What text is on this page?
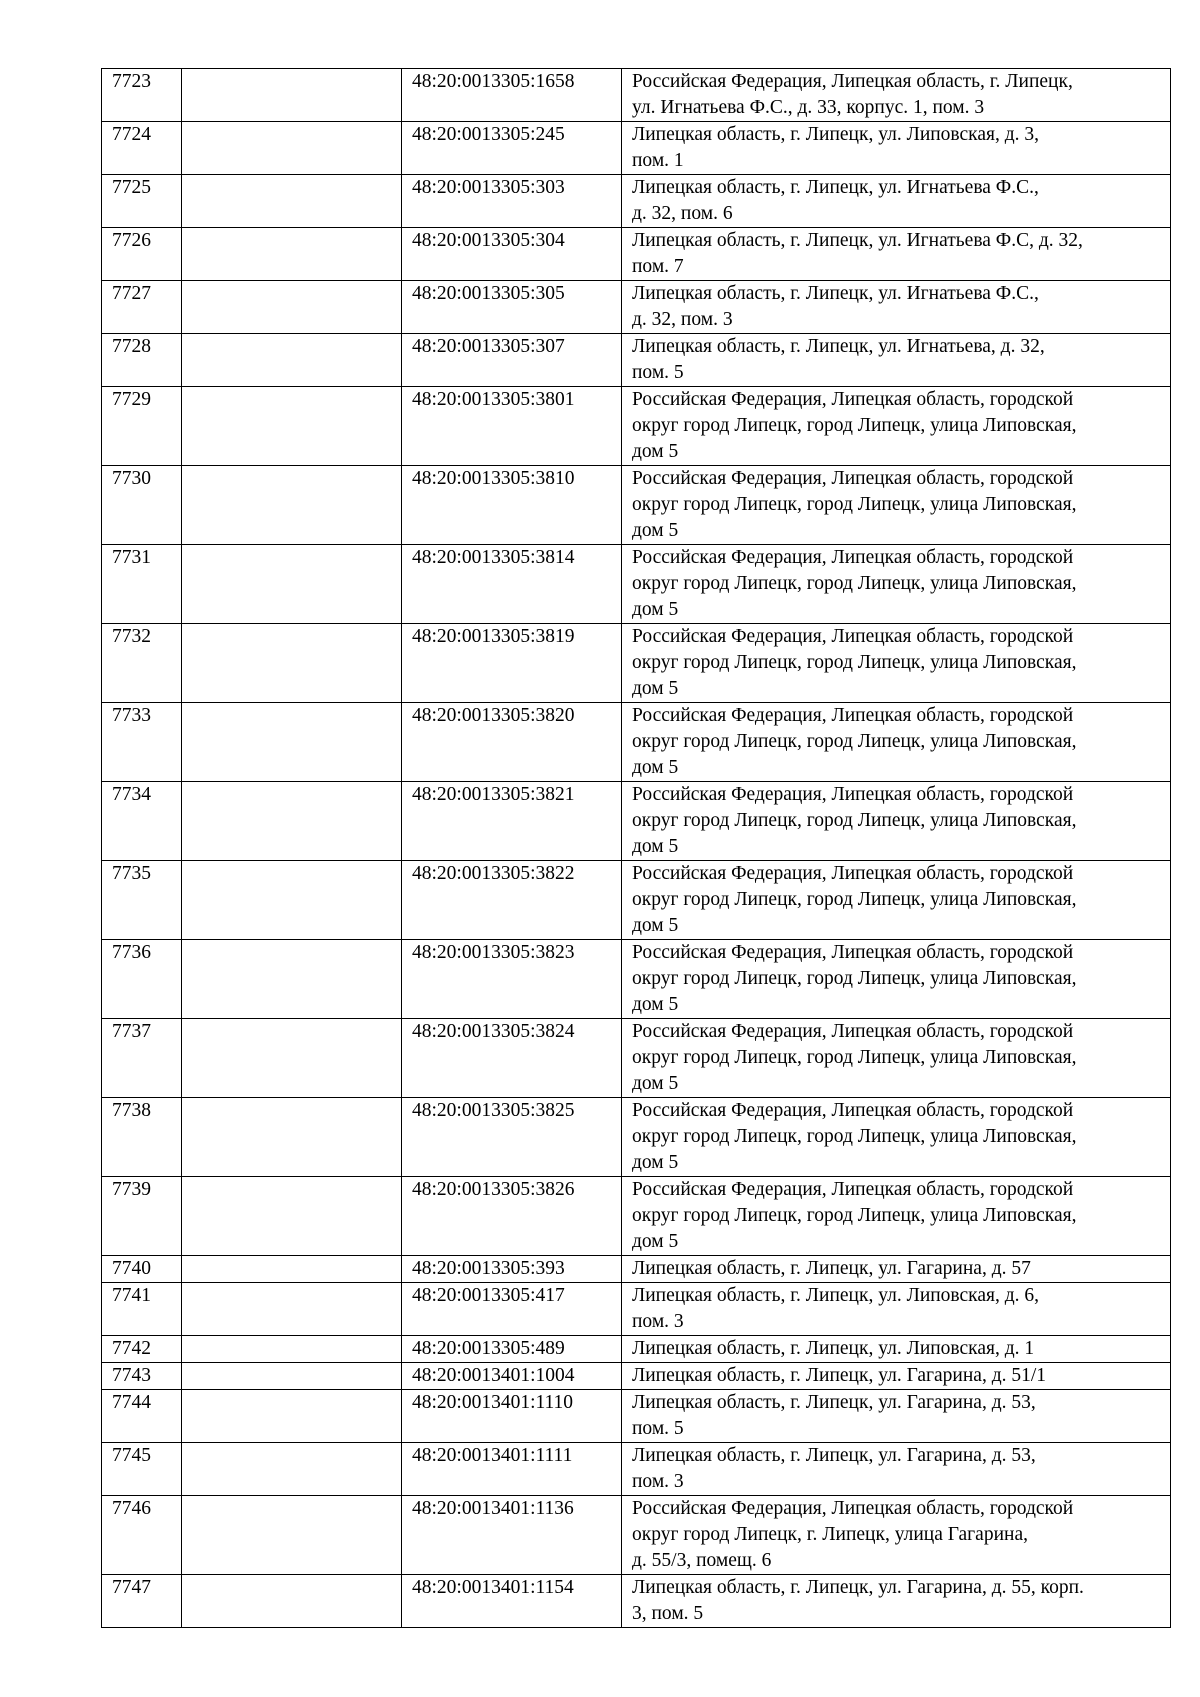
7723		48:20:0013305:1658	Российская Федерация, Липецкая область, г. Липецк,
ул. Игнатьева Ф.С., д. 33, корпус. 1, пом. 3
7724		48:20:0013305:245	Липецкая область, г. Липецк, ул. Липовская, д. 3,
пом. 1
7725		48:20:0013305:303	Липецкая область, г. Липецк, ул. Игнатьева Ф.С.,
д. 32, пом. 6
7726		48:20:0013305:304	Липецкая область, г. Липецк, ул. Игнатьева Ф.С, д. 32,
пом. 7
7727		48:20:0013305:305	Липецкая область, г. Липецк, ул. Игнатьева Ф.С.,
д. 32, пом. 3
7728		48:20:0013305:307	Липецкая область, г. Липецк, ул. Игнатьева, д. 32,
пом. 5
7729		48:20:0013305:3801	Российская Федерация, Липецкая область, городской
округ город Липецк, город Липецк, улица Липовская,
дом 5
7730		48:20:0013305:3810	Российская Федерация, Липецкая область, городской
округ город Липецк, город Липецк, улица Липовская,
дом 5
7731		48:20:0013305:3814	Российская Федерация, Липецкая область, городской
округ город Липецк, город Липецк, улица Липовская,
дом 5
7732		48:20:0013305:3819	Российская Федерация, Липецкая область, городской
округ город Липецк, город Липецк, улица Липовская,
дом 5
7733		48:20:0013305:3820	Российская Федерация, Липецкая область, городской
округ город Липецк, город Липецк, улица Липовская,
дом 5
7734		48:20:0013305:3821	Российская Федерация, Липецкая область, городской
округ город Липецк, город Липецк, улица Липовская,
дом 5
7735		48:20:0013305:3822	Российская Федерация, Липецкая область, городской
округ город Липецк, город Липецк, улица Липовская,
дом 5
7736		48:20:0013305:3823	Российская Федерация, Липецкая область, городской
округ город Липецк, город Липецк, улица Липовская,
дом 5
7737		48:20:0013305:3824	Российская Федерация, Липецкая область, городской
округ город Липецк, город Липецк, улица Липовская,
дом 5
7738		48:20:0013305:3825	Российская Федерация, Липецкая область, городской
округ город Липецк, город Липецк, улица Липовская,
дом 5
7739		48:20:0013305:3826	Российская Федерация, Липецкая область, городской
округ город Липецк, город Липецк, улица Липовская,
дом 5
7740		48:20:0013305:393	Липецкая область, г. Липецк, ул. Гагарина, д. 57
7741		48:20:0013305:417	Липецкая область, г. Липецк, ул. Липовская, д. 6,
пом. 3
7742		48:20:0013305:489	Липецкая область, г. Липецк, ул. Липовская, д. 1
7743		48:20:0013401:1004	Липецкая область, г. Липецк, ул. Гагарина, д. 51/1
7744		48:20:0013401:1110	Липецкая область, г. Липецк, ул. Гагарина, д. 53,
пом. 5
7745		48:20:0013401:1111	Липецкая область, г. Липецк, ул. Гагарина, д. 53,
пом. 3
7746		48:20:0013401:1136	Российская Федерация, Липецкая область, городской
округ город Липецк, г. Липецк, улица Гагарина,
д. 55/3, помещ. 6
7747		48:20:0013401:1154	Липецкая область, г. Липецк, ул. Гагарина, д. 55, корп.
3, пом. 5
